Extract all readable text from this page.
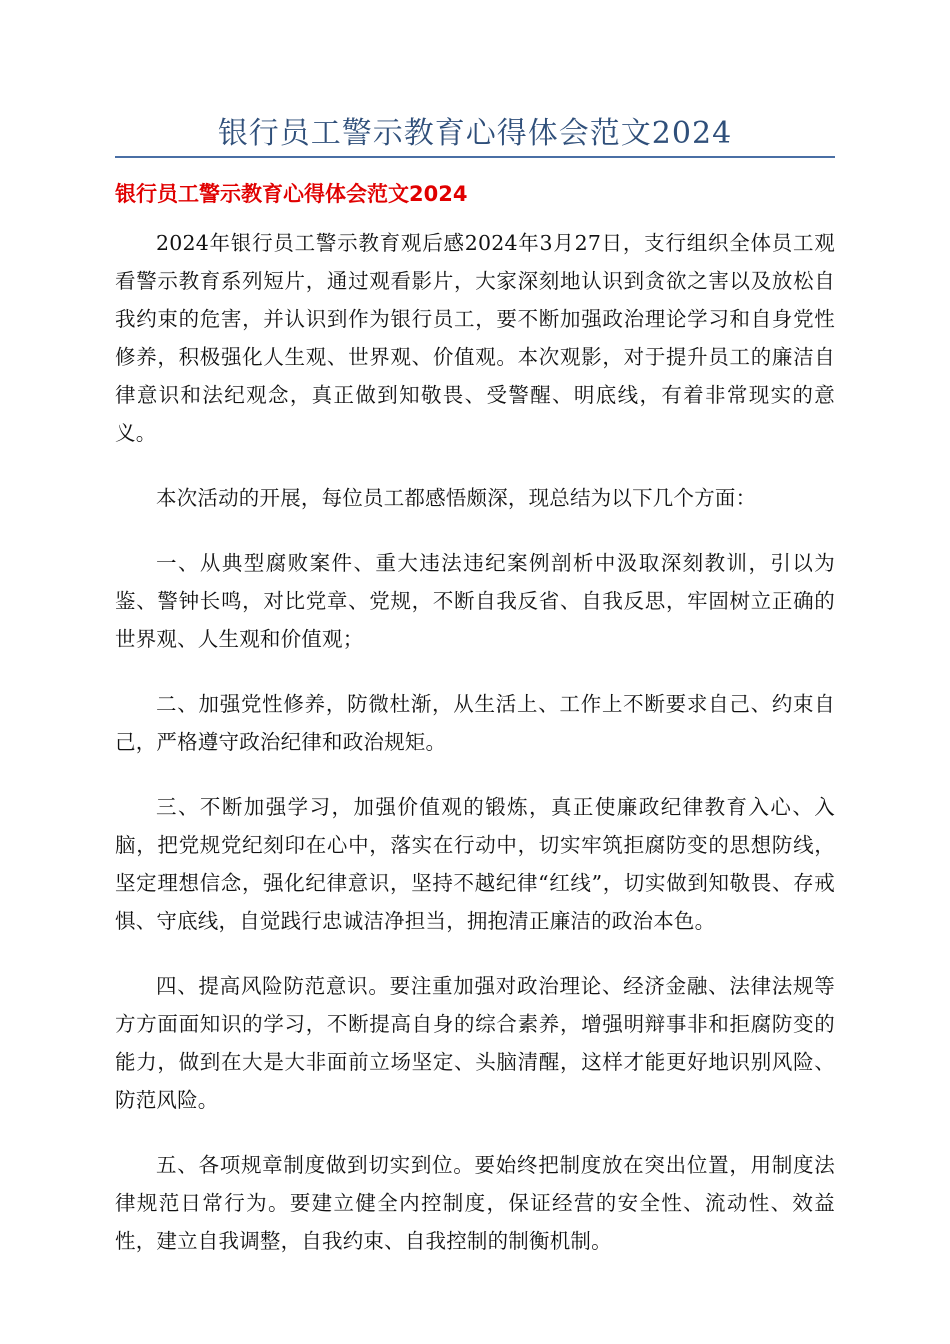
银行员工警示教育心得体会范文2024
银行员工警示教育心得体会范文2024

2024年银行员工警示教育观后感2024年3月27日，支行组织全体员工观看警示教育系列短片，通过观看影片，大家深刻地认识到贪欲之害以及放松自我约束的危害，并认识到作为银行员工，要不断加强政治理论学习和自身党性修养，积极强化人生观、世界观、价值观。本次观影，对于提升员工的廉洁自律意识和法纪观念，真正做到知敬畏、受警醒、明底线，有着非常现实的意义。

本次活动的开展，每位员工都感悟颇深，现总结为以下几个方面：

一、从典型腐败案件、重大违法违纪案例剖析中汲取深刻教训，引以为鉴、警钟长鸣，对比党章、党规，不断自我反省、自我反思，牢固树立正确的世界观、人生观和价值观；

二、加强党性修养，防微杜渐，从生活上、工作上不断要求自己、约束自己，严格遵守政治纪律和政治规矩。

三、不断加强学习，加强价值观的锻炼，真正使廉政纪律教育入心、入脑，把党规党纪刻印在心中，落实在行动中，切实牢筑拒腐防变的思想防线，坚定理想信念，强化纪律意识，坚持不越纪律“红线”，切实做到知敬畏、存戒惧、守底线，自觉践行忠诚洁净担当，拥抱清正廉洁的政治本色。

四、提高风险防范意识。要注重加强对政治理论、经济金融、法律法规等方方面面知识的学习，不断提高自身的综合素养，增强明辩事非和拒腐防变的能力，做到在大是大非面前立场坚定、头脑清醒，这样才能更好地识别风险、防范风险。

五、各项规章制度做到切实到位。要始终把制度放在突出位置，用制度法律规范日常行为。要建立健全内控制度，保证经营的安全性、流动性、效益性，建立自我调整，自我约束、自我控制的制衡机制。
